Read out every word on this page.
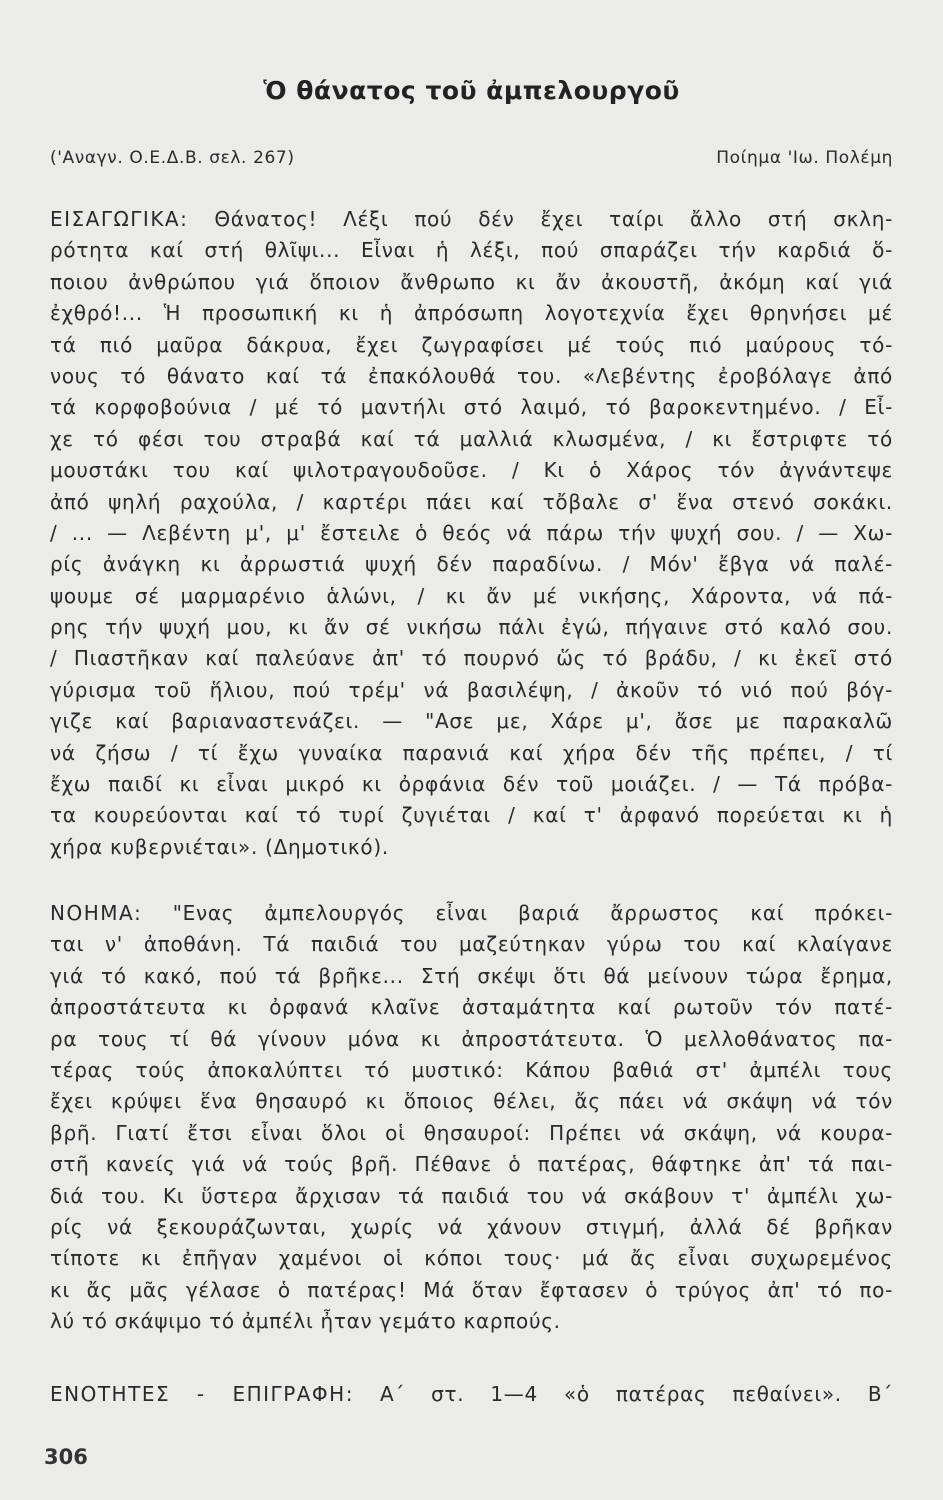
Ὁ θάνατος τοῦ ἀμπελουργοῦ
('Αναγν. Ο.Ε.Δ.Β. σελ. 267)	Ποίημα 'Ιω. Πολέμη
ΕΙΣΑΓΩΓΙΚΑ: Θάνατος! Λέξι πού δέν ἔχει ταίρι ἄλλο στή σκλη-
ρότητα καί στή θλῖψι... Εἶναι ἡ λέξι, πού σπαράζει τήν καρδιά ὅ-
ποιου ἀνθρώπου γιά ὅποιον ἄνθρωπο κι ἄν ἀκουστῆ, ἀκόμη καί γιά
ἐχθρό!... Ἡ προσωπική κι ἡ ἀπρόσωπη λογοτεχνία ἔχει θρηνήσει μέ
τά πιό μαῦρα δάκρυα, ἔχει ζωγραφίσει μέ τούς πιό μαύρους τό-
νους τό θάνατο καί τά ἐπακόλουθά του. «Λεβέντης ἐροβόλαγε ἀπό
τά κορφοβούνια / μέ τό μαντήλι στό λαιμό, τό βαροκεντημένο. / Εἶ-
χε τό φέσι του στραβά καί τά μαλλιά κλωσμένα, / κι ἔστριφτε τό
μουστάκι του καί ψιλοτραγουδοῦσε. / Κι ὁ Χάρος τόν ἀγνάντεψε
ἀπό ψηλή ραχούλα, / καρτέρι πάει καί τὄβαλε σ' ἕνα στενό σοκάκι.
/ ... — Λεβέντη μ', μ' ἔστειλε ὁ θεός νά πάρω τήν ψυχή σου. / — Χω-
ρίς ἀνάγκη κι ἀρρωστιά ψυχή δέν παραδίνω. / Μόν' ἔβγα νά παλέ-
ψουμε σέ μαρμαρένιο ἁλώνι, / κι ἄν μέ νικήσης, Χάροντα, νά πά-
ρης τήν ψυχή μου, κι ἄν σέ νικήσω πάλι ἐγώ, πήγαινε στό καλό σου.
/ Πιαστῆκαν καί παλεύανε ἀπ' τό πουρνό ὥς τό βράδυ, / κι ἐκεῖ στό
γύρισμα τοῦ ἥλιου, πού τρέμ' νά βασιλέψη, / ἀκοῦν τό νιό πού βόγ-
γιζε καί βαριαναστενάζει. — "Ασε με, Χάρε μ', ἄσε με παρακαλῶ
νά ζήσω / τί ἔχω γυναίκα παρανιά καί χήρα δέν τῆς πρέπει, / τί
ἔχω παιδί κι εἶναι μικρό κι ὀρφάνια δέν τοῦ μοιάζει. / — Τά πρόβα-
τα κουρεύονται καί τό τυρί ζυγιέται / καί τ' ἀρφανό πορεύεται κι ἡ
χήρα κυβερνιέται». (Δημοτικό).
ΝΟΗΜΑ: "Ενας ἀμπελουργός εἶναι βαριά ἄρρωστος καί πρόκει-
ται ν' ἀποθάνη. Τά παιδιά του μαζεύτηκαν γύρω του καί κλαίγανε
γιά τό κακό, πού τά βρῆκε... Στή σκέψι ὅτι θά μείνουν τώρα ἔρημα,
ἀπροστάτευτα κι ὀρφανά κλαῖνε ἀσταμάτητα καί ρωτοῦν τόν πατέ-
ρα τους τί θά γίνουν μόνα κι ἀπροστάτευτα. Ὁ μελλοθάνατος πα-
τέρας τούς ἀποκαλύπτει τό μυστικό: Κάπου βαθιά στ' ἀμπέλι τους
ἔχει κρύψει ἕνα θησαυρό κι ὅποιος θέλει, ἄς πάει νά σκάψη νά τόν
βρῆ. Γιατί ἔτσι εἶναι ὅλοι οἱ θησαυροί: Πρέπει νά σκάψη, νά κουρα-
στῆ κανείς γιά νά τούς βρῆ. Πέθανε ὁ πατέρας, θάφτηκε ἀπ' τά παι-
διά του. Κι ὕστερα ἄρχισαν τά παιδιά του νά σκάβουν τ' ἀμπέλι χω-
ρίς νά ξεκουράζωνται, χωρίς νά χάνουν στιγμή, ἀλλά δέ βρῆκαν
τίποτε κι ἐπῆγαν χαμένοι οἱ κόποι τους· μά ἄς εἶναι συχωρεμένος
κι ἄς μᾶς γέλασε ὁ πατέρας! Μά ὅταν ἔφτασεν ὁ τρύγος ἀπ' τό πο-
λύ τό σκάψιμο τό ἀμπέλι ἦταν γεμάτο καρπούς.
ΕΝΟΤΗΤΕΣ - ΕΠΙΓΡΑΦΗ: Α΄ στ. 1—4 «ὁ πατέρας πεθαίνει». Β΄
306
